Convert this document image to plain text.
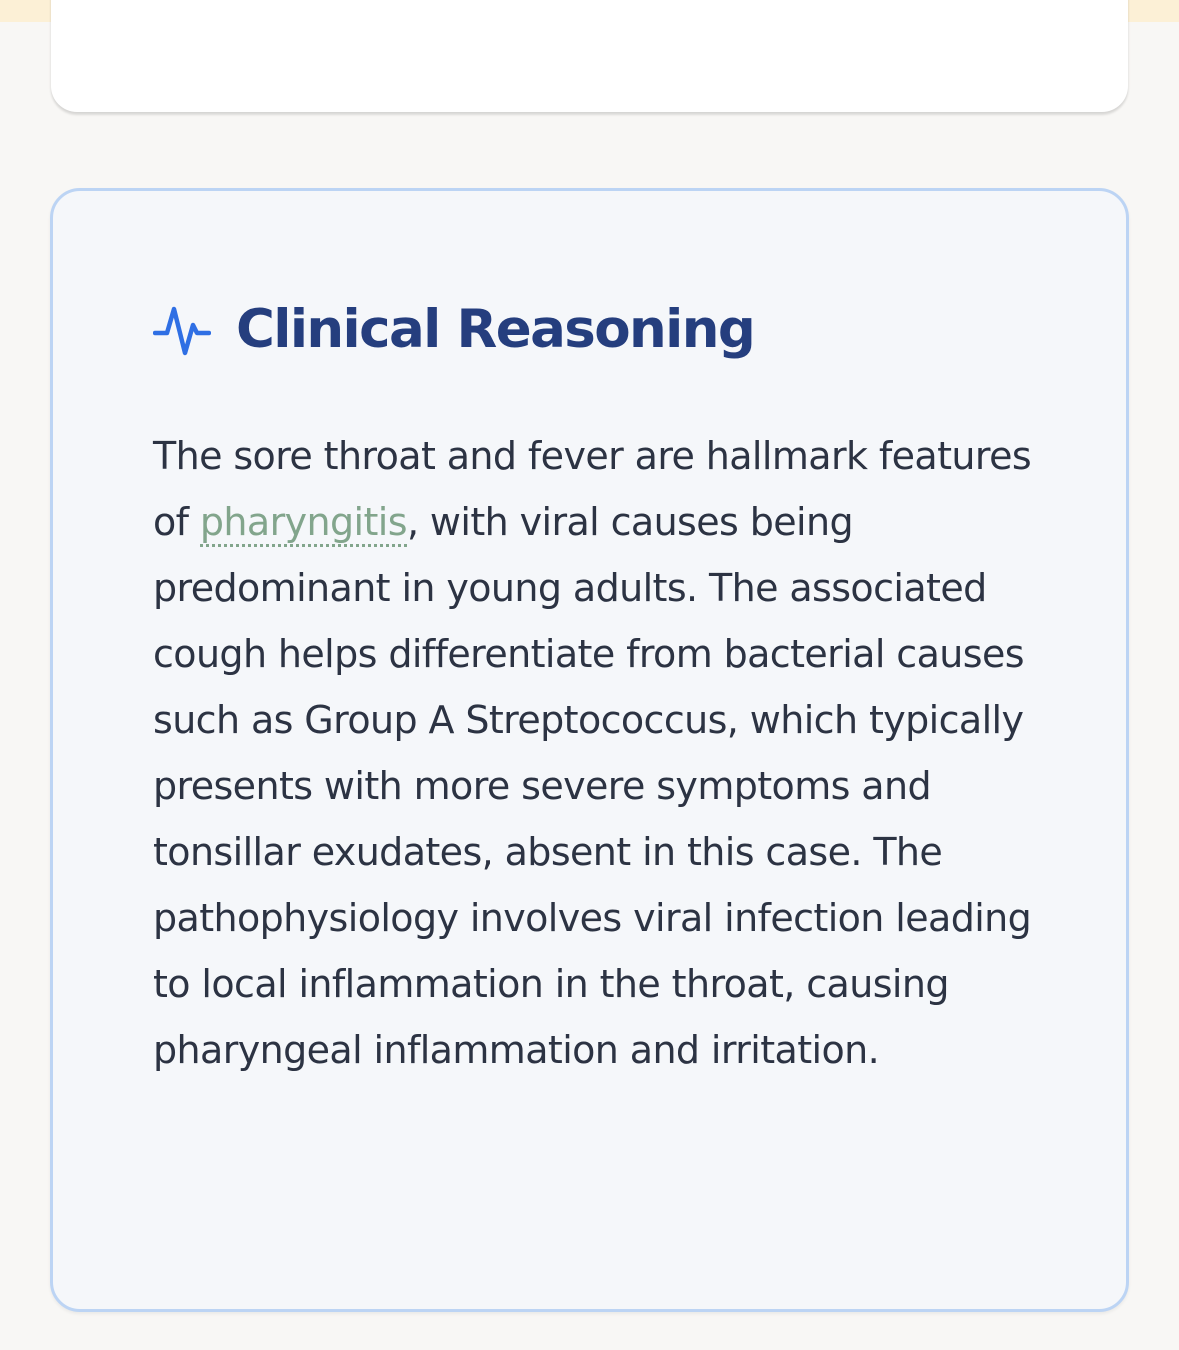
Clinical Reasoning

The sore throat and fever are hallmark features of pharyngitis, with viral causes being predominant in young adults. The associated cough helps differentiate from bacterial causes such as Group A Streptococcus, which typically presents with more severe symptoms and tonsillar exudates, absent in this case. The pathophysiology involves viral infection leading to local inflammation in the throat, causing pharyngeal inflammation and irritation.
